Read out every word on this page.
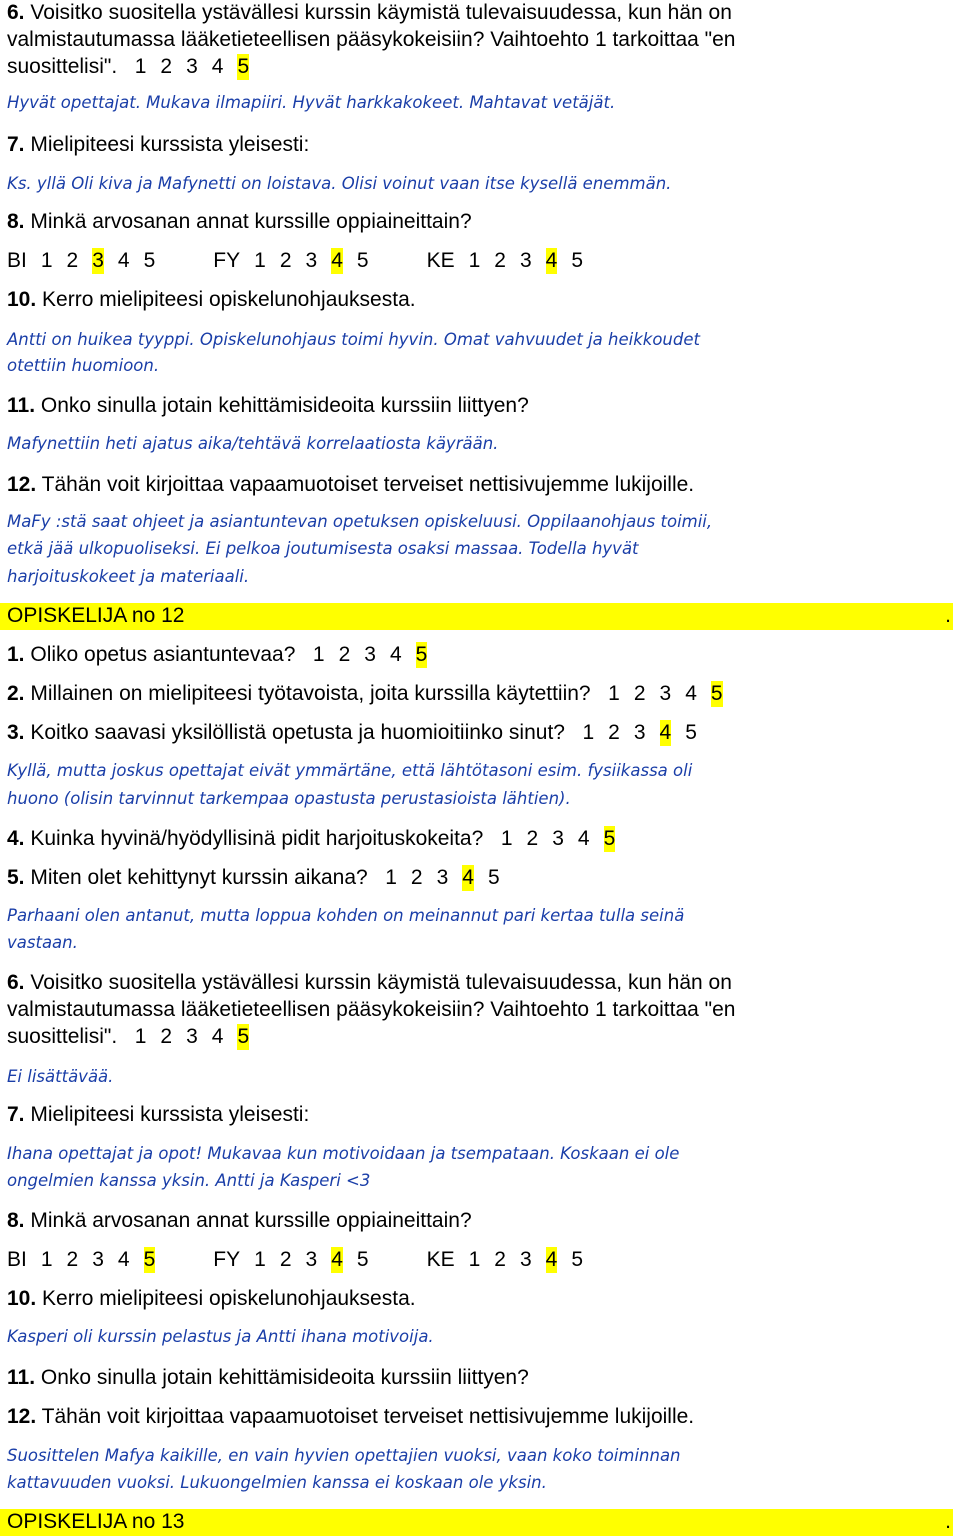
6. Voisitko suositella ystävällesi kurssin käymistä tulevaisuudessa, kun hän on

valmistautumassa lääketieteellisen pääsykokeisiin? Vaihtoehto 1 tarkoittaa "en

suosittelisi". 1 2 3 4 5

Hyvät opettajat. Mukava ilmapiiri. Hyvät harkkakokeet. Mahtavat vetäjät.

7. Mielipiteesi kurssista yleisesti:

Ks. yllä Oli kiva ja Mafynetti on loistava. Olisi voinut vaan itse kysellä enemmän.

8. Minkä arvosanan annat kurssille oppiaineittain?

BI 1 2 3 4 5	FY 1 2 3 4 5	KE 1 2 3 4 5

10. Kerro mielipiteesi opiskelunohjauksesta.

Antti on huikea tyyppi. Opiskelunohjaus toimi hyvin. Omat vahvuudet ja heikkoudet

otettiin huomioon.

11. Onko sinulla jotain kehittämisideoita kurssiin liittyen?

Mafynettiin heti ajatus aika/tehtävä korrelaatiosta käyrään.

12. Tähän voit kirjoittaa vapaamuotoiset terveiset nettisivujemme lukijoille.

MaFy :stä saat ohjeet ja asiantuntevan opetuksen opiskeluusi. Oppilaanohjaus toimii,

etkä jää ulkopuoliseksi. Ei pelkoa joutumisesta osaksi massaa. Todella hyvät

harjoituskokeet ja materiaali.

OPISKELIJA no 12	.

1. Oliko opetus asiantuntevaa? 1 2 3 4 5

2. Millainen on mielipiteesi työtavoista, joita kurssilla käytettiin? 1 2 3 4 5

3. Koitko saavasi yksilöllistä opetusta ja huomioitiinko sinut? 1 2 3 4 5

Kyllä, mutta joskus opettajat eivät ymmärtäne, että lähtötasoni esim. fysiikassa oli

huono (olisin tarvinnut tarkempaa opastusta perustasioista lähtien).

4. Kuinka hyvinä/hyödyllisinä pidit harjoituskokeita? 1 2 3 4 5

5. Miten olet kehittynyt kurssin aikana? 1 2 3 4 5

Parhaani olen antanut, mutta loppua kohden on meinannut pari kertaa tulla seinä

vastaan.

6. Voisitko suositella ystävällesi kurssin käymistä tulevaisuudessa, kun hän on

valmistautumassa lääketieteellisen pääsykokeisiin? Vaihtoehto 1 tarkoittaa "en

suosittelisi". 1 2 3 4 5

Ei lisättävää.

7. Mielipiteesi kurssista yleisesti:

Ihana opettajat ja opot! Mukavaa kun motivoidaan ja tsempataan. Koskaan ei ole

ongelmien kanssa yksin. Antti ja Kasperi <3

8. Minkä arvosanan annat kurssille oppiaineittain?

BI 1 2 3 4 5	FY 1 2 3 4 5	KE 1 2 3 4 5

10. Kerro mielipiteesi opiskelunohjauksesta.

Kasperi oli kurssin pelastus ja Antti ihana motivoija.

11. Onko sinulla jotain kehittämisideoita kurssiin liittyen?

12. Tähän voit kirjoittaa vapaamuotoiset terveiset nettisivujemme lukijoille.

Suosittelen Mafya kaikille, en vain hyvien opettajien vuoksi, vaan koko toiminnan

kattavuuden vuoksi. Lukuongelmien kanssa ei koskaan ole yksin.

OPISKELIJA no 13	.
